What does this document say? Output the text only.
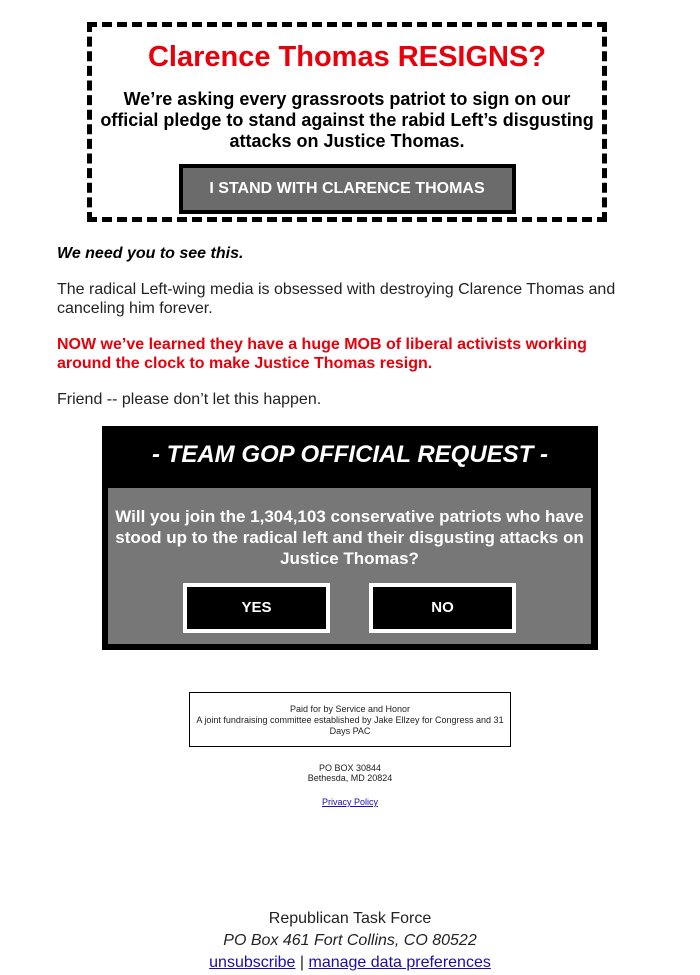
Clarence Thomas RESIGNS?
We’re asking every grassroots patriot to sign on our official pledge to stand against the rabid Left’s disgusting attacks on Justice Thomas.
I STAND WITH CLARENCE THOMAS

We need you to see this.

The radical Left-wing media is obsessed with destroying Clarence Thomas and canceling him forever.

NOW we’ve learned they have a huge MOB of liberal activists working around the clock to make Justice Thomas resign.

Friend -- please don’t let this happen.

- TEAM GOP OFFICIAL REQUEST -
Will you join the 1,304,103 conservative patriots who have stood up to the radical left and their disgusting attacks on Justice Thomas?
YES	NO
Paid for by Service and Honor
A joint fundraising committee established by Jake Ellzey for Congress and 31 Days PAC
PO BOX 30844
Bethesda, MD 20824
Privacy Policy
Republican Task Force
PO Box 461 Fort Collins, CO 80522
unsubscribe | manage data preferences
